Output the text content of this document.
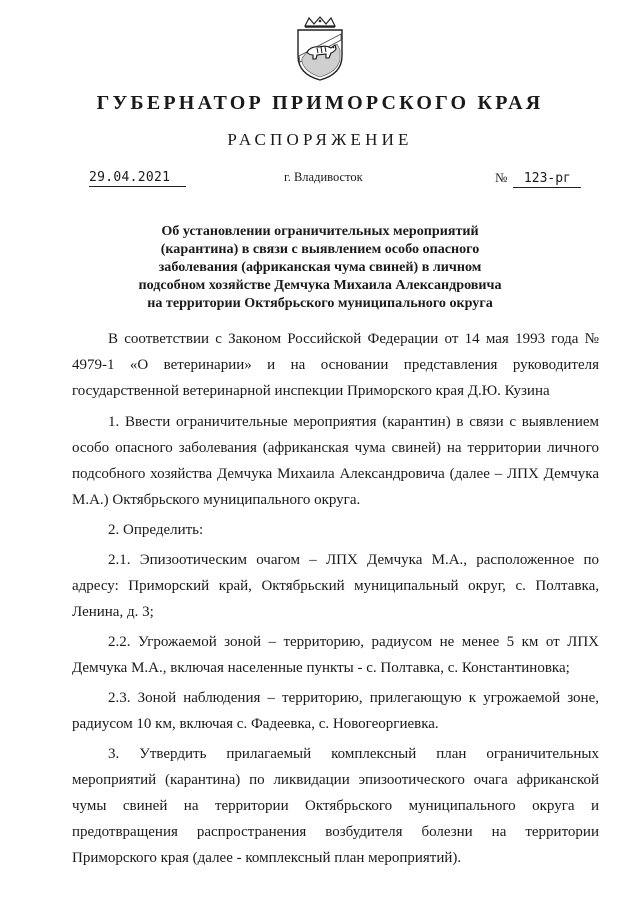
ГУБЕРНАТОР ПРИМОРСКОГО КРАЯ
РАСПОРЯЖЕНИЕ
29.04.2021	г. Владивосток	№ 123-рг
Об установлении ограничительных мероприятий
(карантина) в связи с выявлением особо опасного
заболевания (африканская чума свиней) в личном
подсобном хозяйстве Демчука Михаила Александровича
на территории Октябрьского муниципального округа

В соответствии с Законом Российской Федерации от 14 мая 1993 года № 4979-1 «О ветеринарии» и на основании представления руководителя государственной ветеринарной инспекции Приморского края Д.Ю. Кузина

1. Ввести ограничительные мероприятия (карантин) в связи с выявлением особо опасного заболевания (африканская чума свиней) на территории личного подсобного хозяйства Демчука Михаила Александровича (далее – ЛПХ Демчука М.А.) Октябрьского муниципального округа.

2. Определить:

2.1. Эпизоотическим очагом – ЛПХ Демчука М.А., расположенное по адресу: Приморский край, Октябрьский муниципальный округ, с. Полтавка, Ленина, д. 3;

2.2. Угрожаемой зоной – территорию, радиусом не менее 5 км от ЛПХ Демчука М.А., включая населенные пункты - с. Полтавка, с. Константиновка;

2.3. Зоной наблюдения – территорию, прилегающую к угрожаемой зоне, радиусом 10 км, включая с. Фадеевка, с. Новогеоргиевка.

3. Утвердить прилагаемый комплексный план ограничительных мероприятий (карантина) по ликвидации эпизоотического очага африканской чумы свиней на территории Октябрьского муниципального округа и предотвращения распространения возбудителя болезни на территории Приморского края (далее - комплексный план мероприятий).
